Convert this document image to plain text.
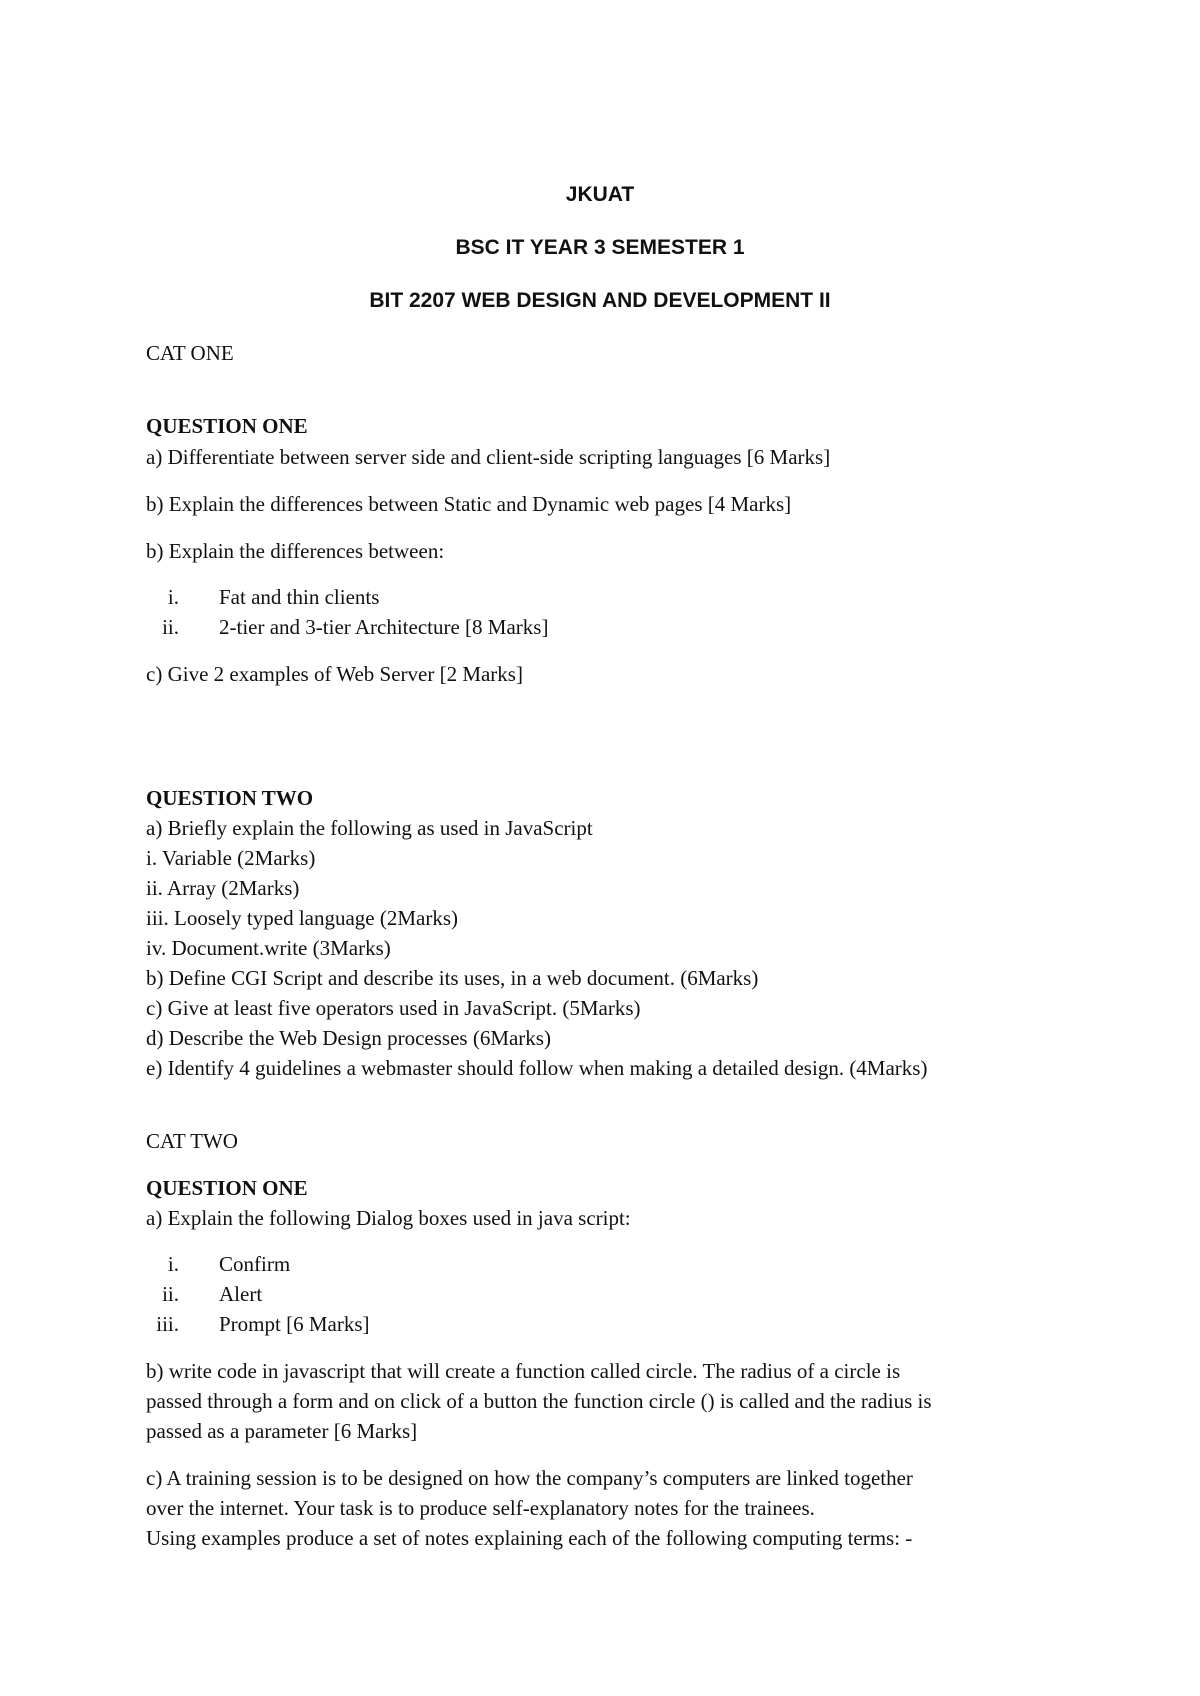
JKUAT

BSC IT YEAR 3 SEMESTER 1

BIT 2207 WEB DESIGN AND DEVELOPMENT II

CAT ONE

QUESTION ONE

a) Differentiate between server side and client-side scripting languages [6 Marks]

b) Explain the differences between Static and Dynamic web pages [4 Marks]

b) Explain the differences between:

i. Fat and thin clients
ii. 2-tier and 3-tier Architecture [8 Marks]

c) Give 2 examples of Web Server [2 Marks]

QUESTION TWO

a) Briefly explain the following as used in JavaScript

i. Variable (2Marks)

ii. Array (2Marks)

iii. Loosely typed language (2Marks)

iv. Document.write (3Marks)

b) Define CGI Script and describe its uses, in a web document. (6Marks)

c) Give at least five operators used in JavaScript. (5Marks)

d) Describe the Web Design processes (6Marks)

e) Identify 4 guidelines a webmaster should follow when making a detailed design. (4Marks)

CAT TWO

QUESTION ONE

a) Explain the following Dialog boxes used in java script:

i. Confirm
ii. Alert
iii. Prompt [6 Marks]

b) write code in javascript that will create a function called circle. The radius of a circle is

passed through a form and on click of a button the function circle () is called and the radius is

passed as a parameter [6 Marks]

c) A training session is to be designed on how the company’s computers are linked together

over the internet. Your task is to produce self-explanatory notes for the trainees.

Using examples produce a set of notes explaining each of the following computing terms: -
